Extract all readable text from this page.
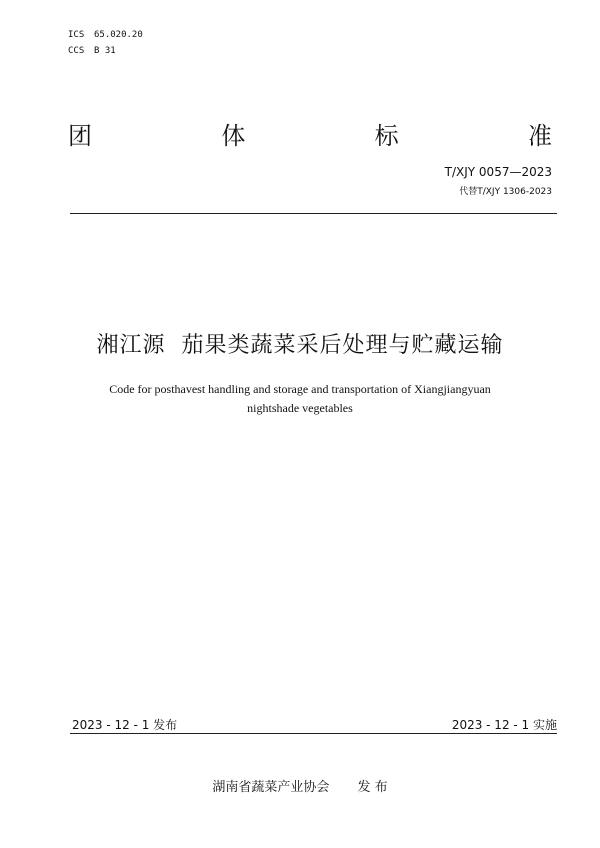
ICS 65.020.20
CCS B 31
团	体	标	准
T/XJY 0057—2023
代替T/XJY 1306-2023
湘江源  茄果类蔬菜采后处理与贮藏运输
Code for posthavest handling and storage and transportation of Xiangjiangyuan
nightshade vegetables
2023 - 12 - 1 发布	2023 - 12 - 1 实施
湖南省蔬菜产业协会 发 布
